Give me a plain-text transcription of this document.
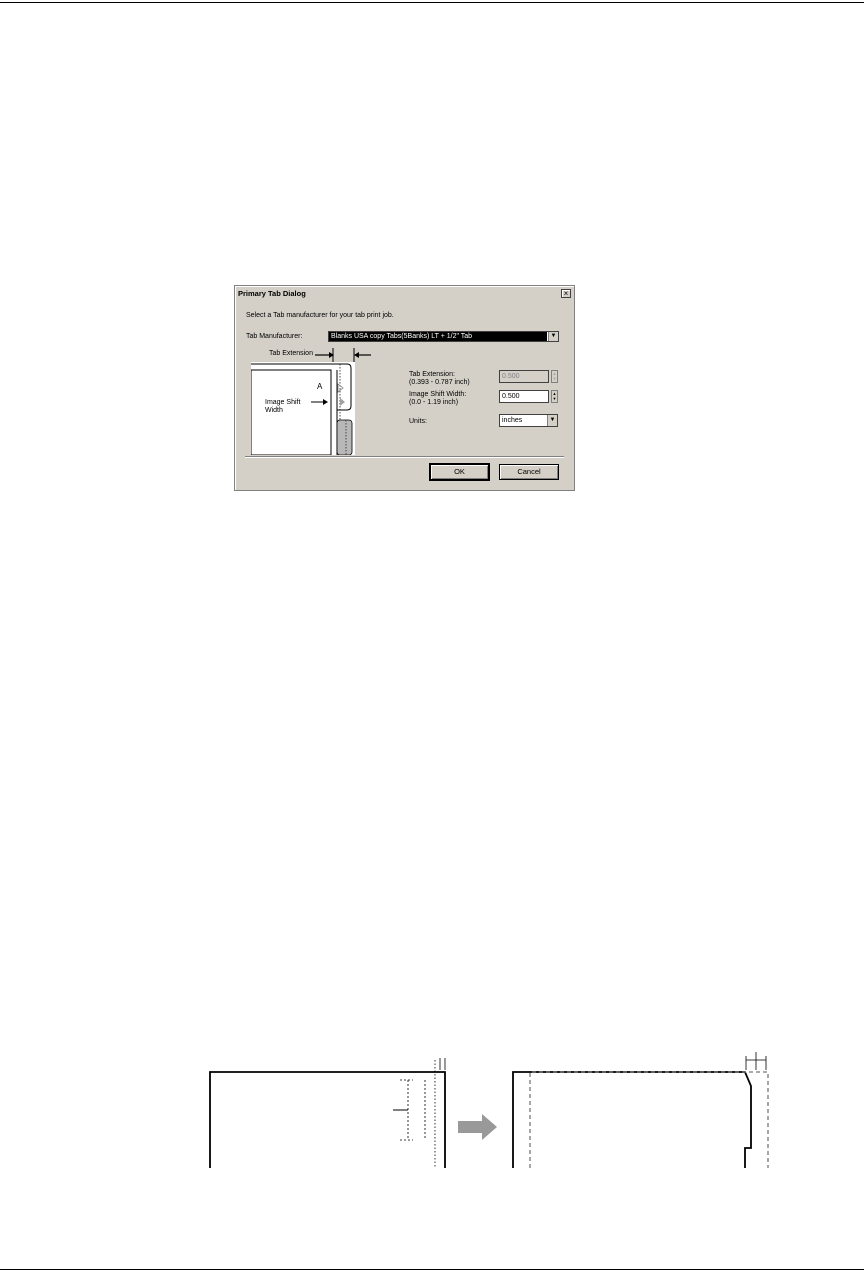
Primary Tab Dialog	×
Select a Tab manufacturer for your tab print job.
Tab Manufacturer:	Blanks USA copy Tabs(5Banks) LT + 1/2" Tab	▼
Tab Extension
A
Image Shift
Width
Tab Extension:
(0.393 - 0.787 inch)
0.500	▲
▼
Image Shift Width:
(0.0 - 1.19 inch)
0.500	▲
▼
Units:	inches	▼
OK	Cancel
